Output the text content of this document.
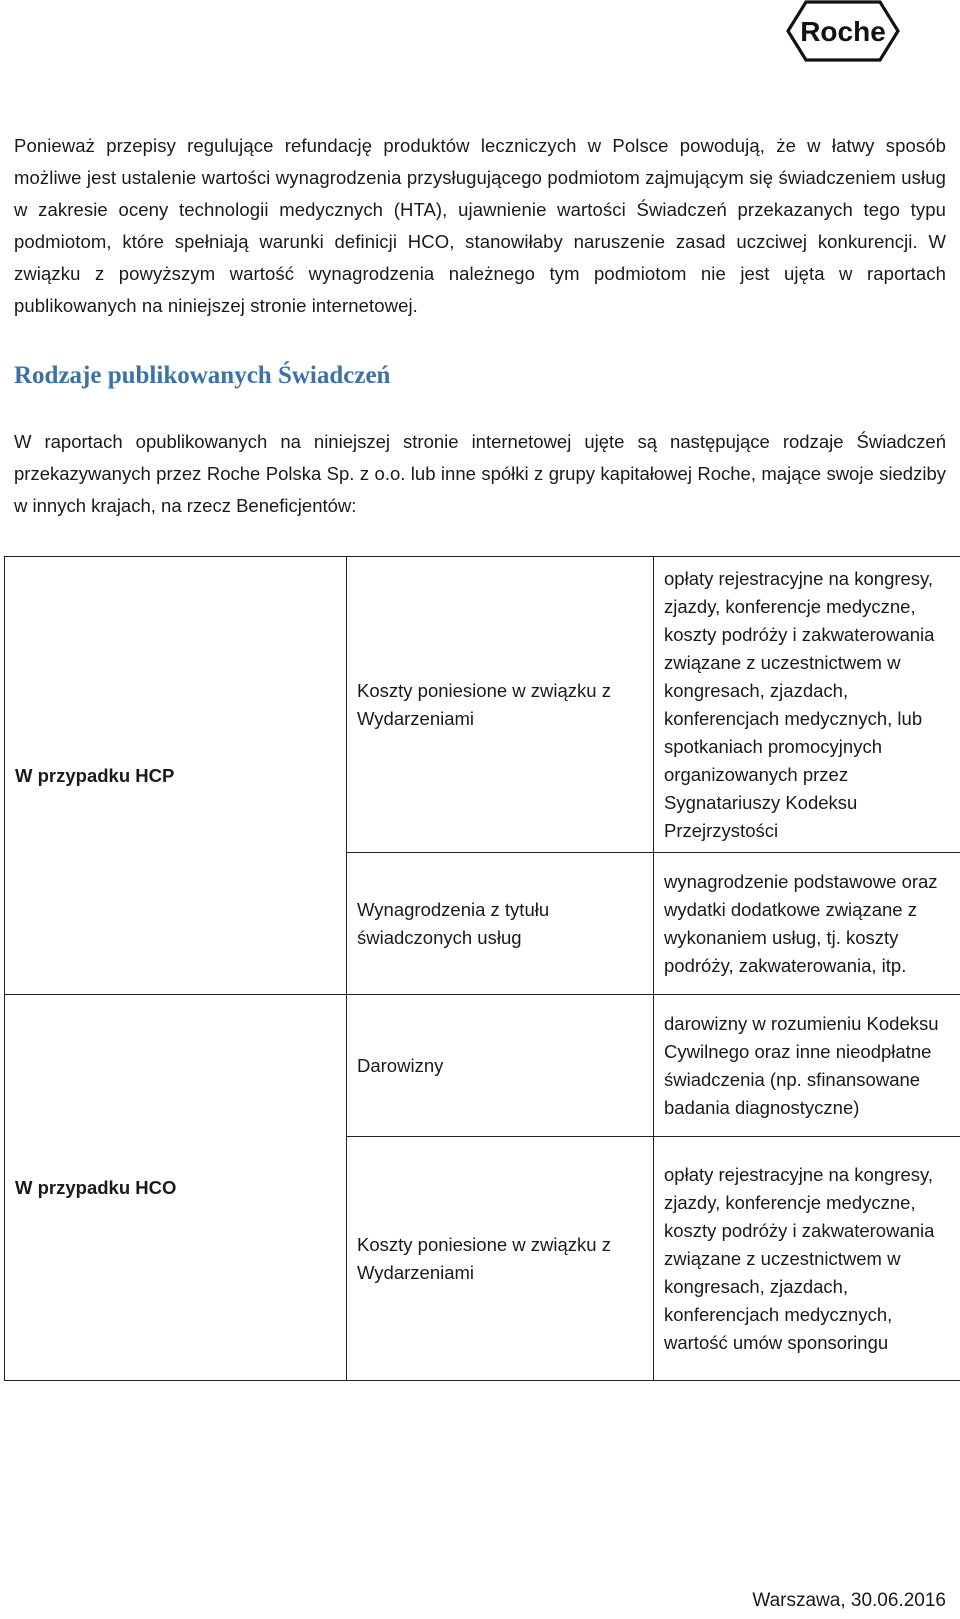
Roche

Ponieważ przepisy regulujące refundację produktów leczniczych w Polsce powodują, że w łatwy sposób możliwe jest ustalenie wartości wynagrodzenia przysługującego podmiotom zajmującym się świadczeniem usług w zakresie oceny technologii medycznych (HTA), ujawnienie wartości Świadczeń przekazanych tego typu podmiotom, które spełniają warunki definicji HCO, stanowiłaby naruszenie zasad uczciwej konkurencji. W związku z powyższym wartość wynagrodzenia należnego tym podmiotom nie jest ujęta w raportach publikowanych na niniejszej stronie internetowej.

Rodzaje publikowanych Świadczeń

W raportach opublikowanych na niniejszej stronie internetowej ujęte są następujące rodzaje Świadczeń przekazywanych przez Roche Polska Sp. z o.o. lub inne spółki z grupy kapitałowej Roche, mające swoje siedziby w innych krajach, na rzecz Beneficjentów:

W przypadku HCP	Koszty poniesione w związku z Wydarzeniami	opłaty rejestracyjne na kongresy, zjazdy, konferencje medyczne, koszty podróży i zakwaterowania związane z uczestnictwem w kongresach, zjazdach, konferencjach medycznych, lub spotkaniach promocyjnych organizowanych przez Sygnatariuszy Kodeksu Przejrzystości
	Wynagrodzenia z tytułu świadczonych usług	wynagrodzenie podstawowe oraz wydatki dodatkowe związane z wykonaniem usług, tj. koszty podróży, zakwaterowania, itp.
W przypadku HCO	Darowizny	darowizny w rozumieniu Kodeksu Cywilnego oraz inne nieodpłatne świadczenia (np. sfinansowane badania diagnostyczne)
	Koszty poniesione w związku z Wydarzeniami	opłaty rejestracyjne na kongresy, zjazdy, konferencje medyczne, koszty podróży i zakwaterowania związane z uczestnictwem w kongresach, zjazdach, konferencjach medycznych, wartość umów sponsoringu

Warszawa, 30.06.2016
